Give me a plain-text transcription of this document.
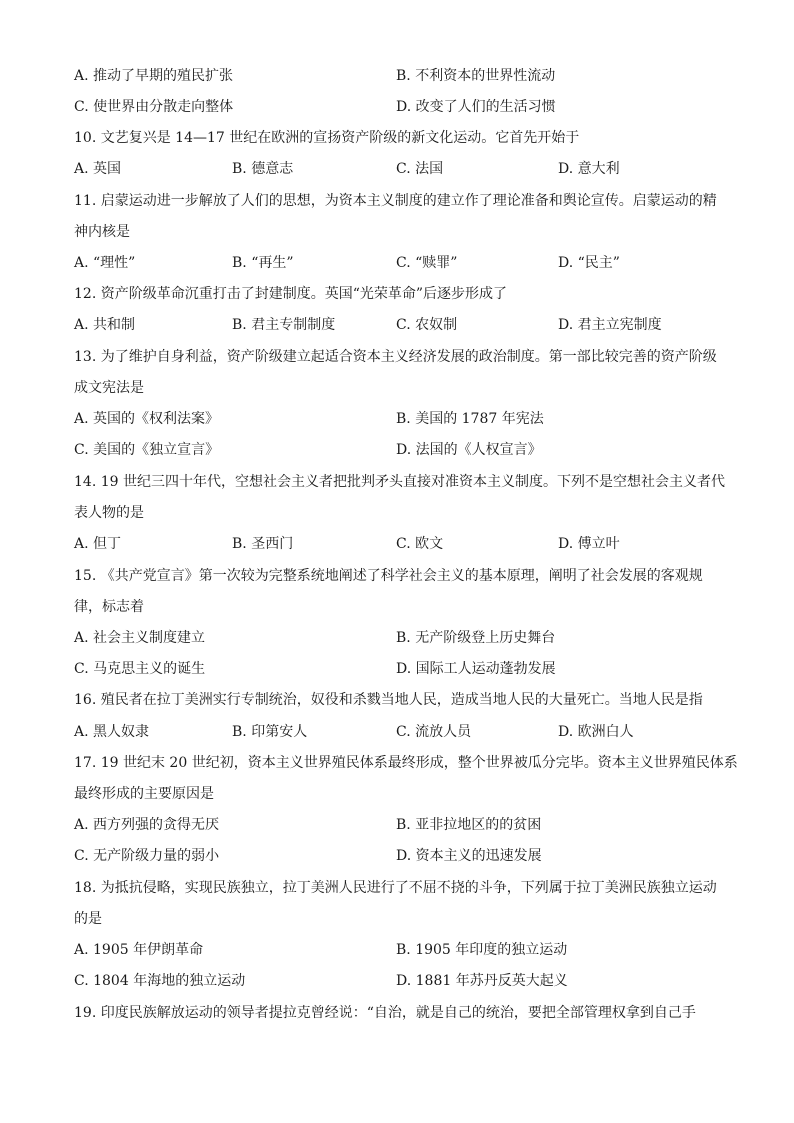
A. 推动了早期的殖民扩张	B. 不利资本的世界性流动
C. 使世界由分散走向整体	D. 改变了人们的生活习惯
10. 文艺复兴是 14—17 世纪在欧洲的宣扬资产阶级的新文化运动。它首先开始于
A. 英国	B. 德意志	C. 法国	D. 意大利
11. 启蒙运动进一步解放了人们的思想，为资本主义制度的建立作了理论准备和舆论宣传。启蒙运动的精
神内核是
A. “理性”	B. “再生”	C. “赎罪”	D. “民主”
12. 资产阶级革命沉重打击了封建制度。英国“光荣革命”后逐步形成了
A. 共和制	B. 君主专制制度	C. 农奴制	D. 君主立宪制度
13. 为了维护自身利益，资产阶级建立起适合资本主义经济发展的政治制度。第一部比较完善的资产阶级
成文宪法是
A. 英国的《权利法案》	B. 美国的 1787 年宪法
C. 美国的《独立宣言》	D. 法国的《人权宣言》
14. 19 世纪三四十年代，空想社会主义者把批判矛头直接对准资本主义制度。下列不是空想社会主义者代
表人物的是
A. 但丁	B. 圣西门	C. 欧文	D. 傅立叶
15. 《共产党宣言》第一次较为完整系统地阐述了科学社会主义的基本原理，阐明了社会发展的客观规
律，标志着
A. 社会主义制度建立	B. 无产阶级登上历史舞台
C. 马克思主义的诞生	D. 国际工人运动蓬勃发展
16. 殖民者在拉丁美洲实行专制统治，奴役和杀戮当地人民，造成当地人民的大量死亡。当地人民是指
A. 黑人奴隶	B. 印第安人	C. 流放人员	D. 欧洲白人
17. 19 世纪末 20 世纪初，资本主义世界殖民体系最终形成，整个世界被瓜分完毕。资本主义世界殖民体系
最终形成的主要原因是
A. 西方列强的贪得无厌	B. 亚非拉地区的的贫困
C. 无产阶级力量的弱小	D. 资本主义的迅速发展
18. 为抵抗侵略，实现民族独立，拉丁美洲人民进行了不屈不挠的斗争，下列属于拉丁美洲民族独立运动
的是
A. 1905 年伊朗革命	B. 1905 年印度的独立运动
C. 1804 年海地的独立运动	D. 1881 年苏丹反英大起义
19. 印度民族解放运动的领导者提拉克曾经说：“自治，就是自己的统治，要把全部管理权拿到自己手
